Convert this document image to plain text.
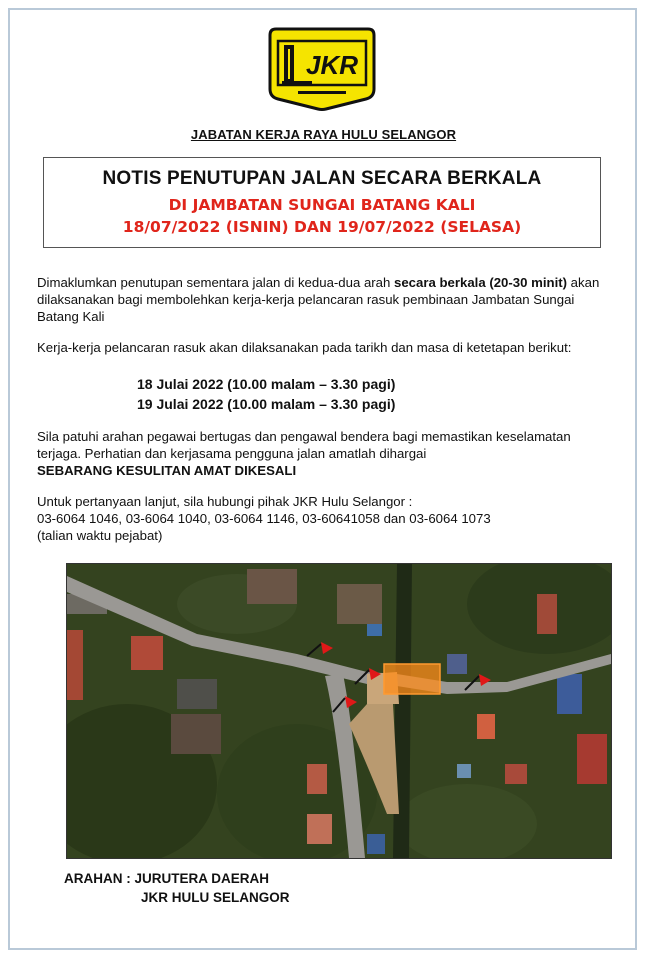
JKR
JABATAN KERJA RAYA HULU SELANGOR
NOTIS PENUTUPAN JALAN SECARA BERKALA
DI JAMBATAN SUNGAI BATANG KALI
18/07/2022 (ISNIN) DAN 19/07/2022 (SELASA)
Dimaklumkan penutupan sementara jalan di kedua-dua arah secara berkala (20-30 minit) akan dilaksanakan bagi membolehkan kerja-kerja pelancaran rasuk pembinaan Jambatan Sungai Batang Kali
Kerja-kerja pelancaran rasuk akan dilaksanakan pada tarikh dan masa di ketetapan berikut:
18 Julai 2022 (10.00 malam – 3.30 pagi)
19 Julai 2022 (10.00 malam – 3.30 pagi)
Sila patuhi arahan pegawai bertugas dan pengawal bendera bagi memastikan keselamatan terjaga. Perhatian dan kerjasama pengguna jalan amatlah dihargai
SEBARANG KESULITAN AMAT DIKESALI
Untuk pertanyaan lanjut, sila hubungi pihak JKR Hulu Selangor :
03-6064 1046, 03-6064 1040, 03-6064 1146, 03-60641058 dan 03-6064 1073
(talian waktu pejabat)
ARAHAN : JURUTERA DAERAH
JKR HULU SELANGOR
